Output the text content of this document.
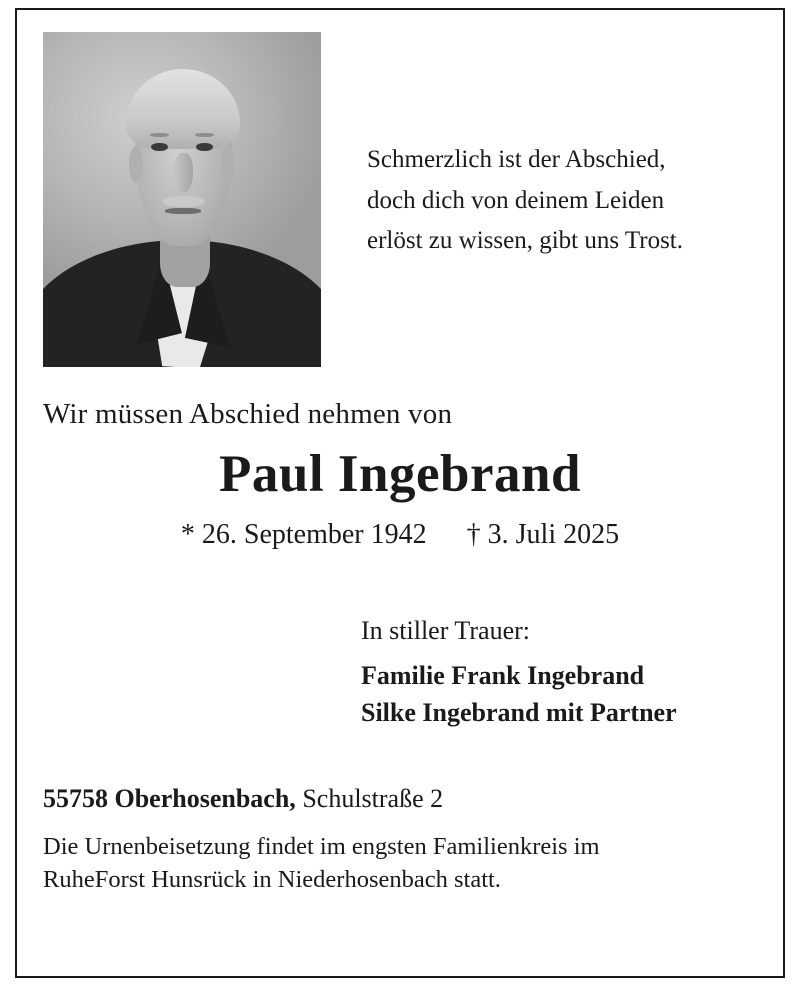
Schmerzlich ist der Abschied,
doch dich von deinem Leiden
erlöst zu wissen, gibt uns Trost.
Wir müssen Abschied nehmen von
Paul Ingebrand
* 26. September 1942 † 3. Juli 2025
In stiller Trauer:
Familie Frank Ingebrand
Silke Ingebrand mit Partner
55758 Oberhosenbach, Schulstraße 2
Die Urnenbeisetzung findet im engsten Familienkreis im
RuheForst Hunsrück in Niederhosenbach statt.
